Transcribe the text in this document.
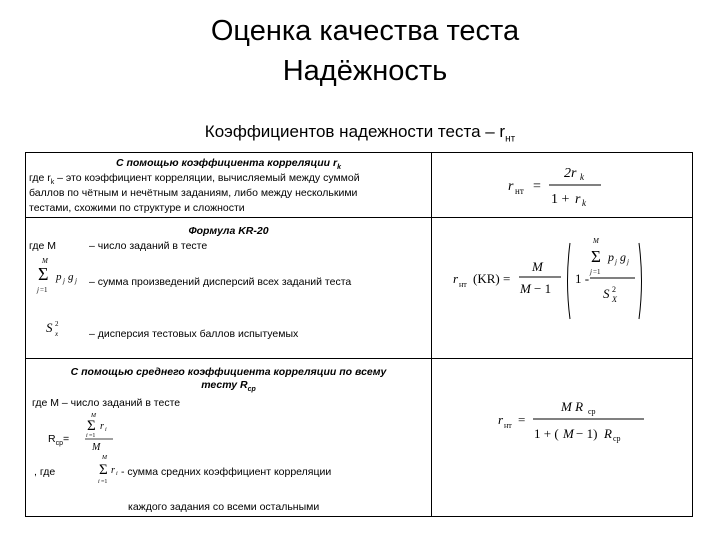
Оценка качества теста
Надёжность
Коэффициентов надежности теста – $r_{нт}$
С помощью коэффициента корреляции $r_k$
где $r_k$ – это коэффициент корреляции, вычисляемый между суммой
баллов по чётным и нечётным заданиям, либо между несколькими
тестами, схожими по структуре и сложности
r нт =
2r k
1 + r k
Формула KR-20
где М	– число заданий в тесте
M
Σ
j =1
p j g j – сумма произведений дисперсий всех заданий теста
S 2
x	– дисперсия тестовых баллов испытуемых
r нт (KR) =
M
M − 1
1 -
M
Σ
j =1
p j g j
S 2
X
С помощью среднего коэффициента корреляции по всему
тесту $R_{ср}$
где М – число заданий в тесте
$R_{ср}=$
M
Σ
i =1
r i
M
, где
M
Σ
i =1
r i - сумма средних коэффициент корреляции
каждого задания со всеми остальными
r нт =
M R ср
1 + ( M − 1) R ср
